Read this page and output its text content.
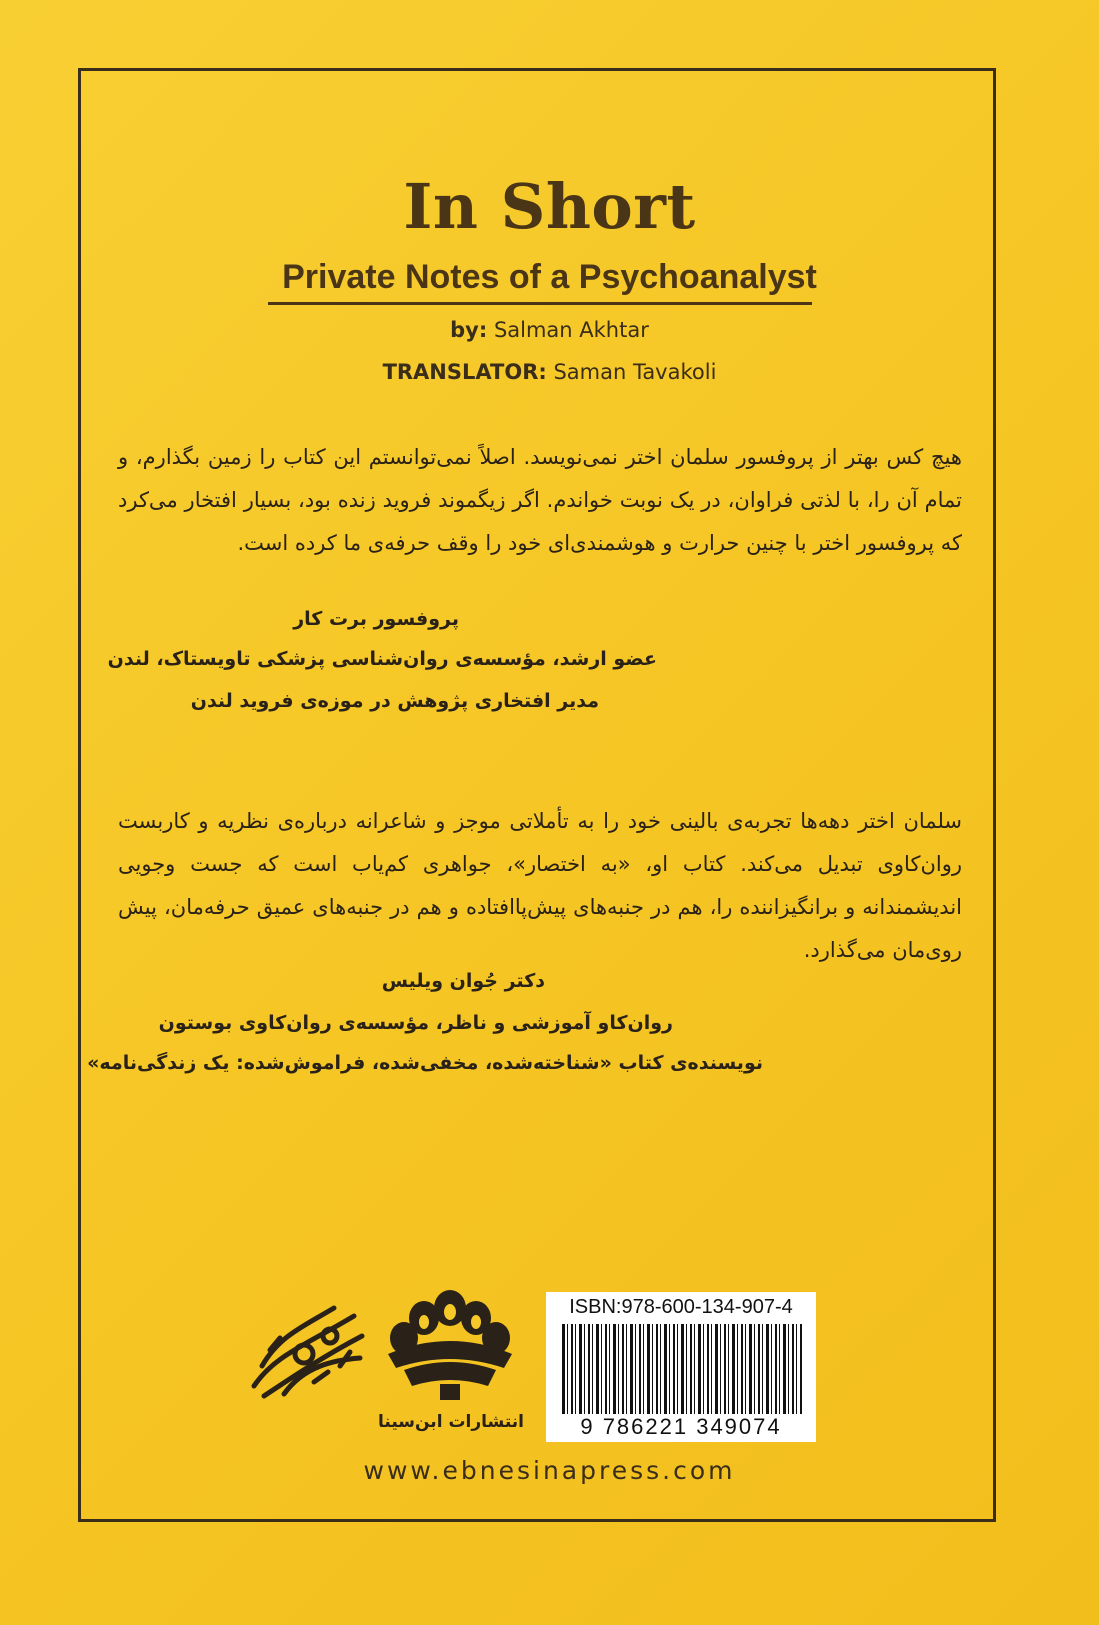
In Short
Private Notes of a Psychoanalyst
by: Salman Akhtar
TRANSLATOR: Saman Tavakoli
هیچ کس بهتر از پروفسور سلمان اختر نمی‌نویسد. اصلاً نمی‌توانستم این کتاب را زمین بگذارم، و تمام آن را، با لذتی فراوان، در یک نوبت خواندم. اگر زیگموند فروید زنده بود، بسیار افتخار می‌کرد که پروفسور اختر با چنین حرارت و هوشمندی‌ای خود را وقف حرفه‌ی ما کرده است.
پروفسور برت کار
عضو ارشد، مؤسسه‌ی روان‌شناسی پزشکی تاویستاک، لندن
مدیر افتخاری پژوهش در موزه‌ی فروید لندن
سلمان اختر دهه‌ها تجربه‌ی بالینی خود را به تأملاتی موجز و شاعرانه درباره‌ی نظریه و کاربست روان‌کاوی تبدیل می‌کند. کتاب او، «به اختصار»، جواهری کم‌یاب است که جست وجویی اندیشمندانه و برانگیزاننده را، هم در جنبه‌های پیش‌پاافتاده و هم در جنبه‌های عمیق حرفه‌مان، پیش روی‌مان می‌گذارد.
دکتر جُوان ویلیس
روان‌کاو آموزشی و ناظر، مؤسسه‌ی روان‌کاوی بوستون
نویسنده‌ی کتاب «شناخته‌شده، مخفی‌شده، فراموش‌شده: یک زندگی‌نامه»
انتشارات ابن‌سینا
ISBN:978-600-134-907-4
9 786221 349074
www.ebnesinapress.com
